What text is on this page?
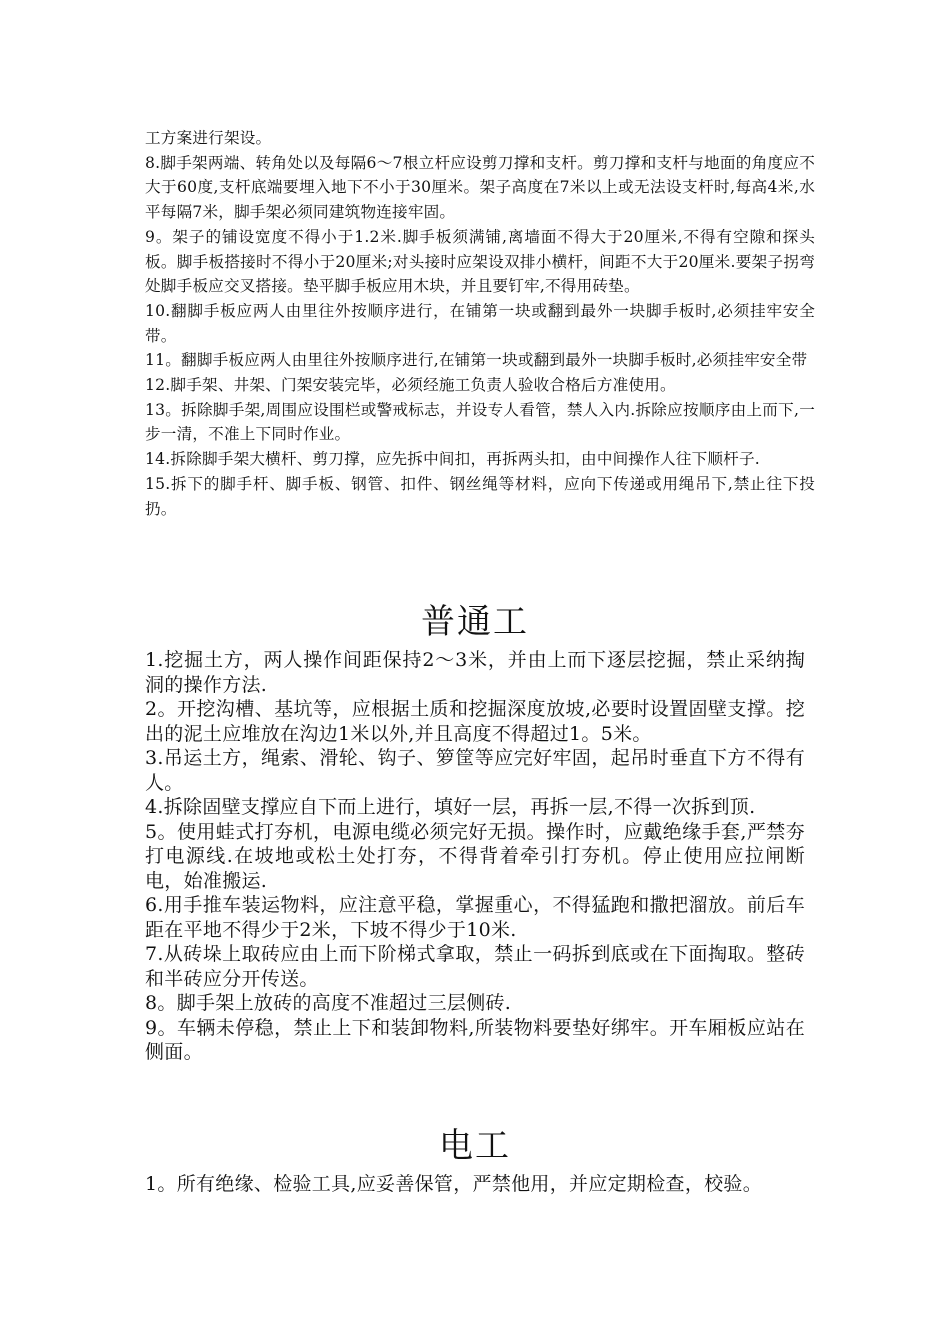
工方案进行架设。

8.脚手架两端、转角处以及每隔6～7根立杆应设剪刀撑和支杆。剪刀撑和支杆与地面的角度应不大于60度,支杆底端要埋入地下不小于30厘米。架子高度在7米以上或无法设支杆时,每高4米,水平每隔7米，脚手架必须同建筑物连接牢固。

9。架子的铺设宽度不得小于1.2米.脚手板须满铺,离墙面不得大于20厘米,不得有空隙和探头板。脚手板搭接时不得小于20厘米;对头接时应架设双排小横杆，间距不大于20厘米.要架子拐弯处脚手板应交叉搭接。垫平脚手板应用木块，并且要钉牢,不得用砖垫。

10.翻脚手板应两人由里往外按顺序进行，在铺第一块或翻到最外一块脚手板时,必须挂牢安全带。

11。翻脚手板应两人由里往外按顺序进行,在铺第一块或翻到最外一块脚手板时,必须挂牢安全带

12.脚手架、井架、门架安装完毕，必须经施工负责人验收合格后方准使用。

13。拆除脚手架,周围应设围栏或警戒标志，并设专人看管，禁人入内.拆除应按顺序由上而下,一步一清，不准上下同时作业。

14.拆除脚手架大横杆、剪刀撑，应先拆中间扣，再拆两头扣，由中间操作人往下顺杆子.

15.拆下的脚手杆、脚手板、钢管、扣件、钢丝绳等材料，应向下传递或用绳吊下,禁止往下投扔。

普通工

1.挖掘土方，两人操作间距保持2～3米，并由上而下逐层挖掘，禁止采纳掏洞的操作方法.

2。开挖沟槽、基坑等，应根据土质和挖掘深度放坡,必要时设置固壁支撑。挖出的泥土应堆放在沟边1米以外,并且高度不得超过1。5米。

3.吊运土方，绳索、滑轮、钩子、箩筐等应完好牢固，起吊时垂直下方不得有人。

4.拆除固壁支撑应自下而上进行，填好一层，再拆一层,不得一次拆到顶.

5。使用蛙式打夯机，电源电缆必须完好无损。操作时，应戴绝缘手套,严禁夯打电源线.在坡地或松土处打夯，不得背着牵引打夯机。停止使用应拉闸断电，始准搬运.

6.用手推车装运物料，应注意平稳，掌握重心，不得猛跑和撒把溜放。前后车距在平地不得少于2米，下坡不得少于10米.

7.从砖垛上取砖应由上而下阶梯式拿取，禁止一码拆到底或在下面掏取。整砖和半砖应分开传送。

8。脚手架上放砖的高度不准超过三层侧砖.

9。车辆未停稳，禁止上下和装卸物料,所装物料要垫好绑牢。开车厢板应站在侧面。

电工

1。所有绝缘、检验工具,应妥善保管，严禁他用，并应定期检查，校验。
